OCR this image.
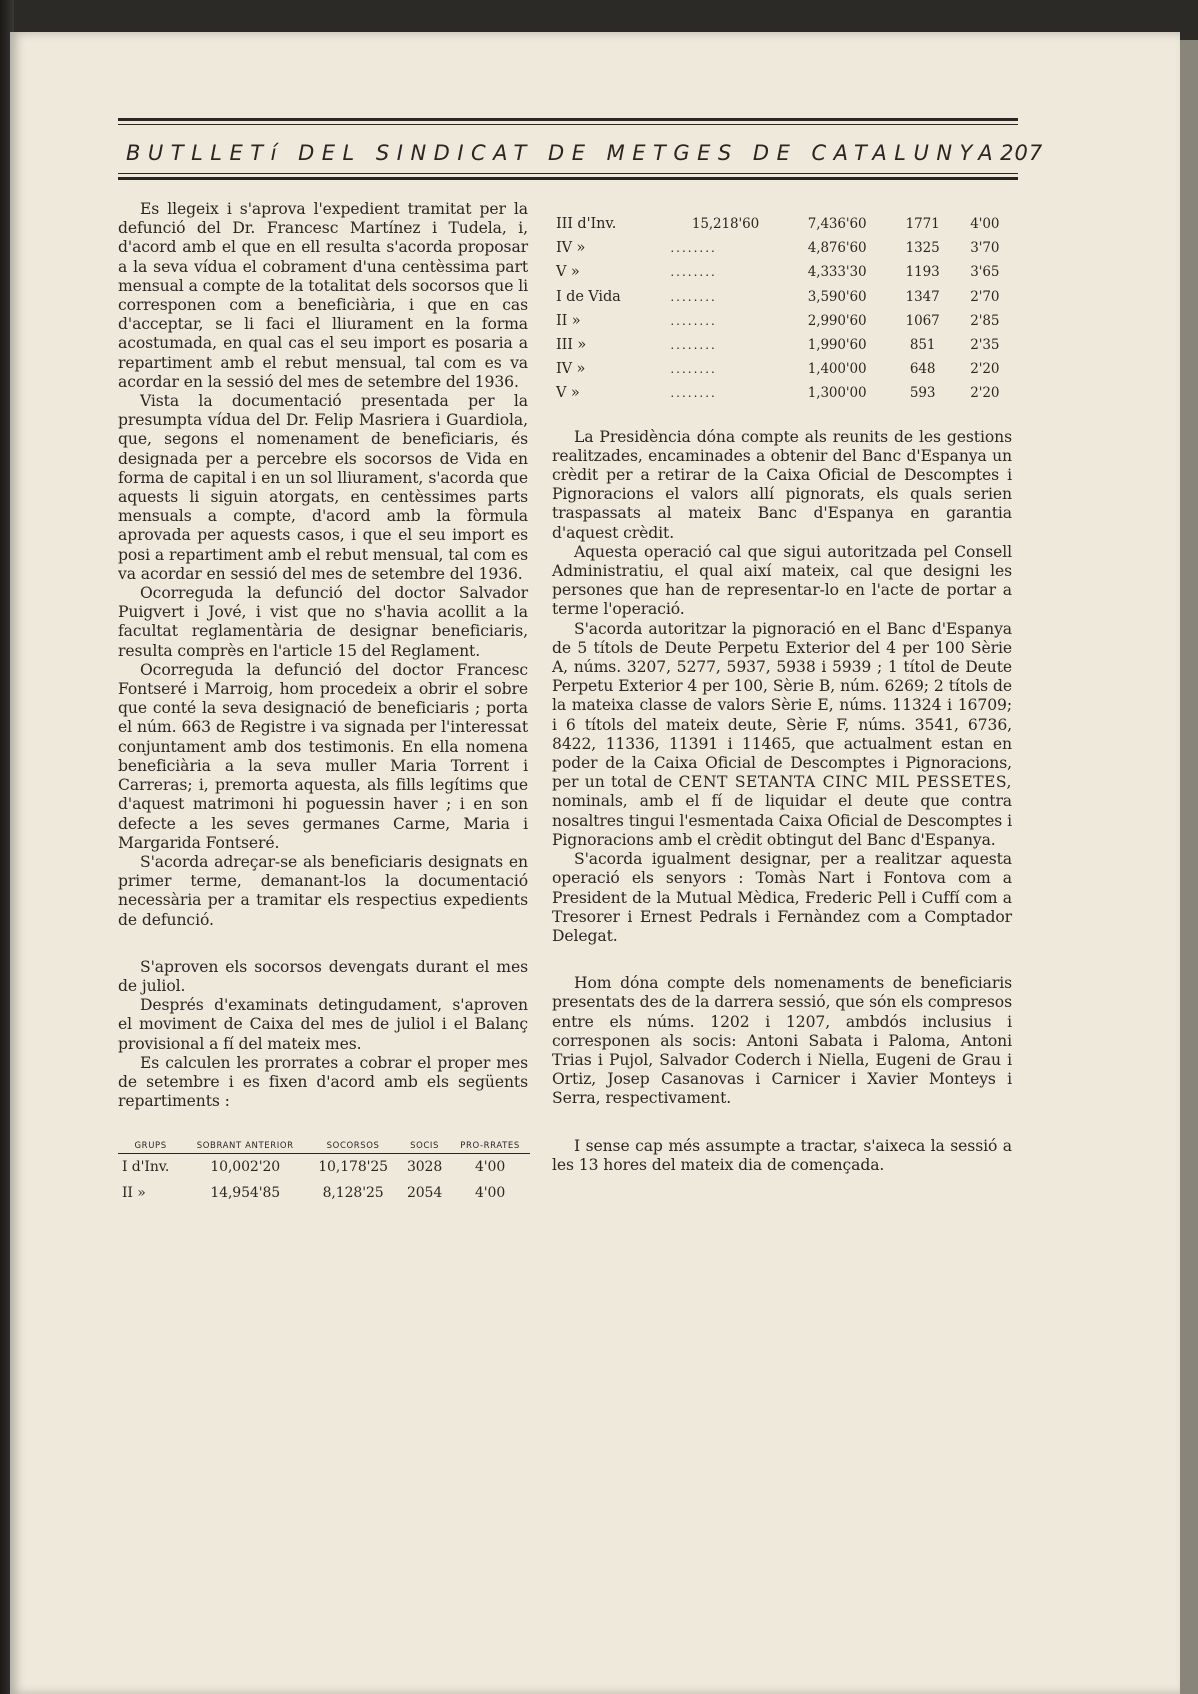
BUTLLETí DEL SINDICAT DE METGES DE CATALUNYA 207

Es llegeix i s'aprova l'expedient tramitat per la defunció del Dr. Francesc Martínez i Tudela, i, d'acord amb el que en ell resulta s'acorda proposar a la seva vídua el cobrament d'una centèssima part mensual a compte de la totalitat dels socorsos que li corresponen com a beneficiària, i que en cas d'acceptar, se li faci el lliurament en la forma acostumada, en qual cas el seu import es posaria a repartiment amb el rebut mensual, tal com es va acordar en la sessió del mes de setembre del 1936.

Vista la documentació presentada per la presumpta vídua del Dr. Felip Masriera i Guardiola, que, segons el nomenament de beneficiaris, és designada per a percebre els socorsos de Vida en forma de capital i en un sol lliurament, s'acorda que aquests li siguin atorgats, en centèssimes parts mensuals a compte, d'acord amb la fòrmula aprovada per aquests casos, i que el seu import es posi a repartiment amb el rebut mensual, tal com es va acordar en sessió del mes de setembre del 1936.

Ocorreguda la defunció del doctor Salvador Puigvert i Jové, i vist que no s'havia acollit a la facultat reglamentària de designar beneficiaris, resulta comprès en l'article 15 del Reglament.

Ocorreguda la defunció del doctor Francesc Fontseré i Marroig, hom procedeix a obrir el sobre que conté la seva designació de beneficiaris ; porta el núm. 663 de Registre i va signada per l'interessat conjuntament amb dos testimonis. En ella nomena beneficiària a la seva muller Maria Torrent i Carreras; i, premorta aquesta, als fills legítims que d'aquest matrimoni hi poguessin haver ; i en son defecte a les seves germanes Carme, Maria i Margarida Fontseré.

S'acorda adreçar-se als beneficiaris designats en primer terme, demanant-los la documentació necessària per a tramitar els respectius expedients de defunció.

S'aproven els socorsos devengats durant el mes de juliol.

Després d'examinats detingudament, s'aproven el moviment de Caixa del mes de juliol i el Balanç provisional a fí del mateix mes.

Es calculen les prorrates a cobrar el proper mes de setembre i es fixen d'acord amb els següents repartiments :

GRUPS	SOBRANT ANTERIOR	SOCORSOS	SOCIS	PRO-RRATES
I d'Inv.	10,002'20	10,178'25	3028	4'00
II »	14,954'85	8,128'25	2054	4'00
III d'Inv.	15,218'60	7,436'60	1771	4'00
IV »	........	4,876'60	1325	3'70
V »	........	4,333'30	1193	3'65
I de Vida	........	3,590'60	1347	2'70
II »	........	2,990'60	1067	2'85
III »	........	1,990'60	851	2'35
IV »	........	1,400'00	648	2'20
V »	........	1,300'00	593	2'20

La Presidència dóna compte als reunits de les gestions realitzades, encaminades a obtenir del Banc d'Espanya un crèdit per a retirar de la Caixa Oficial de Descomptes i Pignoracions el valors allí pignorats, els quals serien traspassats al mateix Banc d'Espanya en garantia d'aquest crèdit.

Aquesta operació cal que sigui autoritzada pel Consell Administratiu, el qual així mateix, cal que designi les persones que han de representar-lo en l'acte de portar a terme l'operació.

S'acorda autoritzar la pignoració en el Banc d'Espanya de 5 títols de Deute Perpetu Exterior del 4 per 100 Sèrie A, núms. 3207, 5277, 5937, 5938 i 5939 ; 1 títol de Deute Perpetu Exterior 4 per 100, Sèrie B, núm. 6269; 2 títols de la mateixa classe de valors Sèrie E, núms. 11324 i 16709; i 6 títols del mateix deute, Sèrie F, núms. 3541, 6736, 8422, 11336, 11391 i 11465, que actualment estan en poder de la Caixa Oficial de Descomptes i Pignoracions, per un total de CENT SETANTA CINC MIL PESSETES, nominals, amb el fí de liquidar el deute que contra nosaltres tingui l'esmentada Caixa Oficial de Descomptes i Pignoracions amb el crèdit obtingut del Banc d'Espanya.

S'acorda igualment designar, per a realitzar aquesta operació els senyors : Tomàs Nart i Fontova com a President de la Mutual Mèdica, Frederic Pell i Cuffí com a Tresorer i Ernest Pedrals i Fernàndez com a Comptador Delegat.

Hom dóna compte dels nomenaments de beneficiaris presentats des de la darrera sessió, que són els compresos entre els núms. 1202 i 1207, ambdós inclusius i corresponen als socis: Antoni Sabata i Paloma, Antoni Trias i Pujol, Salvador Coderch i Niella, Eugeni de Grau i Ortiz, Josep Casanovas i Carnicer i Xavier Monteys i Serra, respectivament.

I sense cap més assumpte a tractar, s'aixeca la sessió a les 13 hores del mateix dia de començada.
